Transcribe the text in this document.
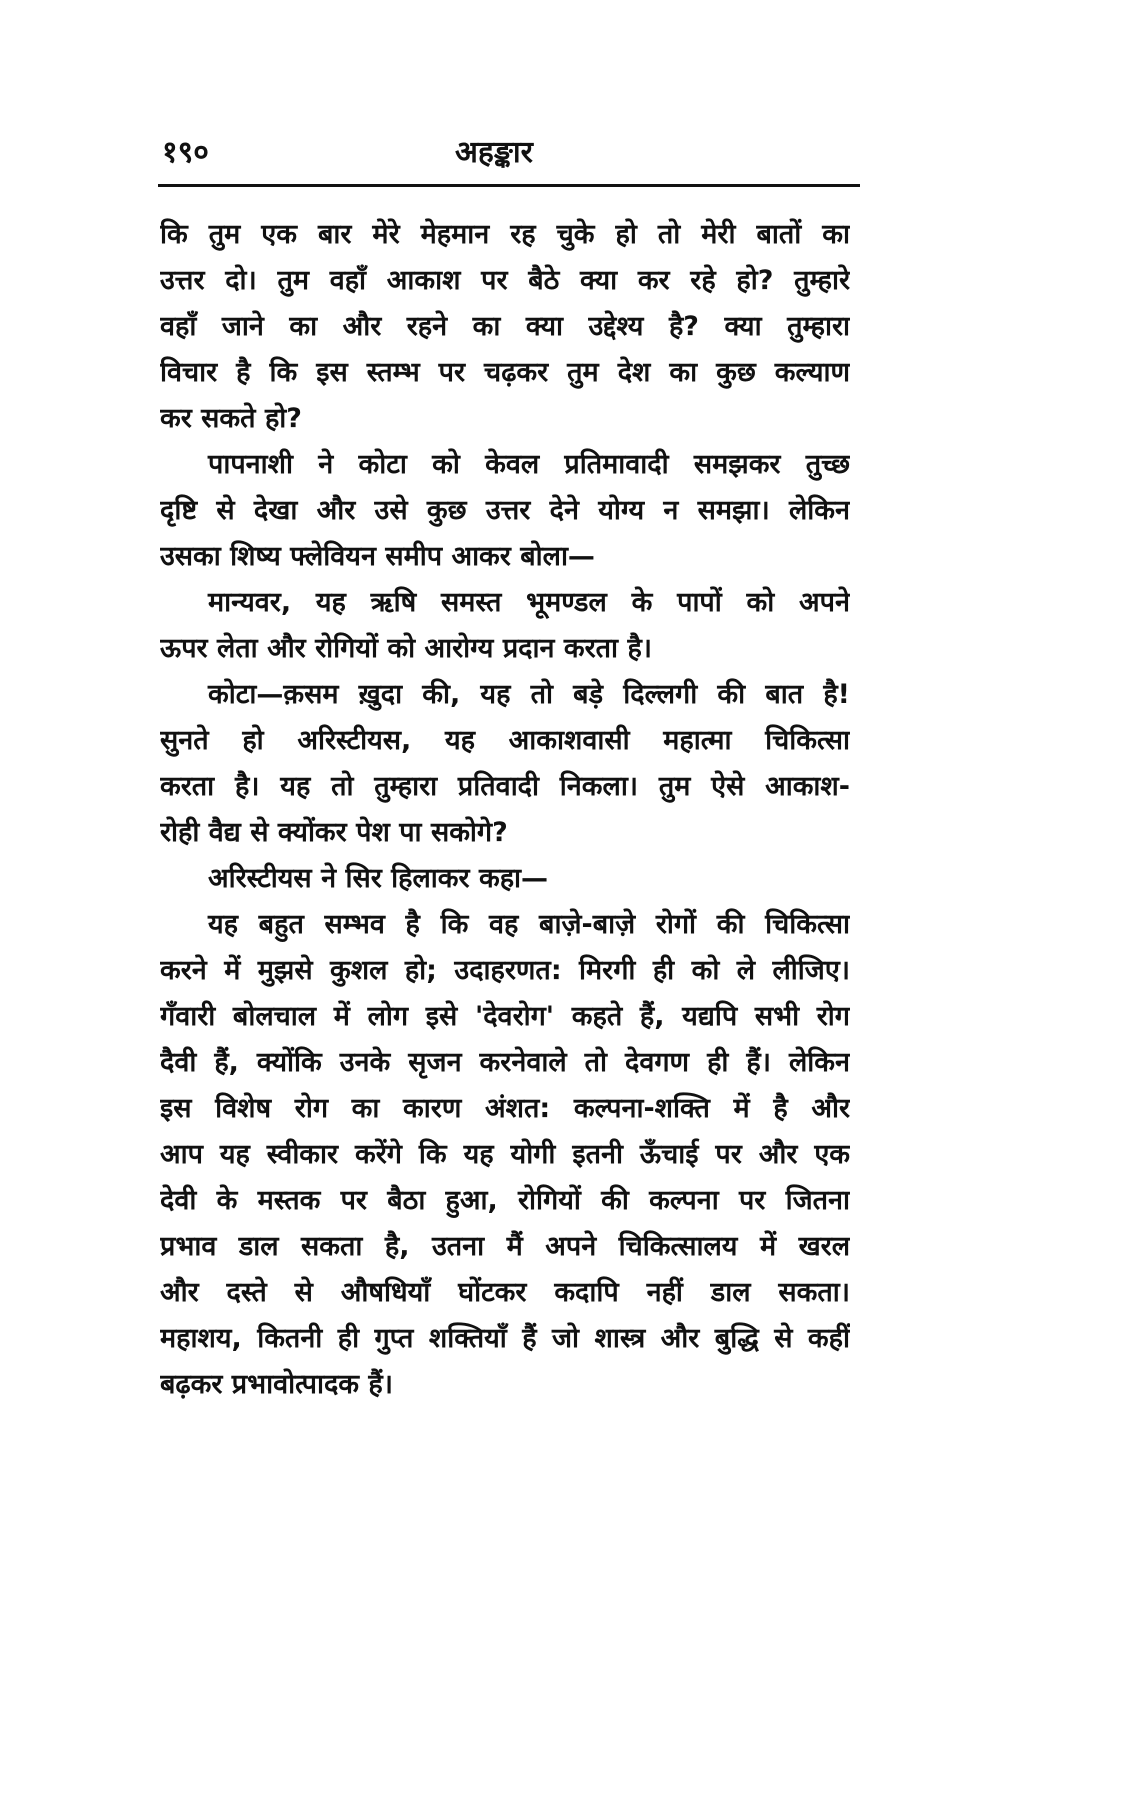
१९०	अहङ्कार
कि तुम एक बार मेरे मेहमान रह चुके हो तो मेरी बातों का
उत्तर दो। तुम वहाँ आकाश पर बैठे क्या कर रहे हो? तुम्हारे
वहाँ जाने का और रहने का क्या उद्देश्य है? क्या तुम्हारा
विचार है कि इस स्तम्भ पर चढ़कर तुम देश का कुछ कल्याण
कर सकते हो?
पापनाशी ने कोटा को केवल प्रतिमावादी समझकर तुच्छ
दृष्टि से देखा और उसे कुछ उत्तर देने योग्य न समझा। लेकिन
उसका शिष्य फ्लेवियन समीप आकर बोला—
मान्यवर, यह ऋषि समस्त भूमण्डल के पापों को अपने
ऊपर लेता और रोगियों को आरोग्य प्रदान करता है।
कोटा—क़सम ख़ुदा की, यह तो बड़े दिल्लगी की बात है!
सुनते हो अरिस्टीयस, यह आकाशवासी महात्मा चिकित्सा
करता है। यह तो तुम्हारा प्रतिवादी निकला। तुम ऐसे आकाश-
रोही वैद्य से क्योंकर पेश पा सकोगे?
अरिस्टीयस ने सिर हिलाकर कहा—
यह बहुत सम्भव है कि वह बाज़े-बाज़े रोगों की चिकित्सा
करने में मुझसे कुशल हो; उदाहरणत: मिरगी ही को ले लीजिए।
गँवारी बोलचाल में लोग इसे 'देवरोग' कहते हैं, यद्यपि सभी रोग
दैवी हैं, क्योंकि उनके सृजन करनेवाले तो देवगण ही हैं। लेकिन
इस विशेष रोग का कारण अंशत: कल्पना-शक्ति में है और
आप यह स्वीकार करेंगे कि यह योगी इतनी ऊँचाई पर और एक
देवी के मस्तक पर बैठा हुआ, रोगियों की कल्पना पर जितना
प्रभाव डाल सकता है, उतना मैं अपने चिकित्सालय में खरल
और दस्ते से औषधियाँ घोंटकर कदापि नहीं डाल सकता।
महाशय, कितनी ही गुप्त शक्तियाँ हैं जो शास्त्र और बुद्धि से कहीं
बढ़कर प्रभावोत्पादक हैं।
